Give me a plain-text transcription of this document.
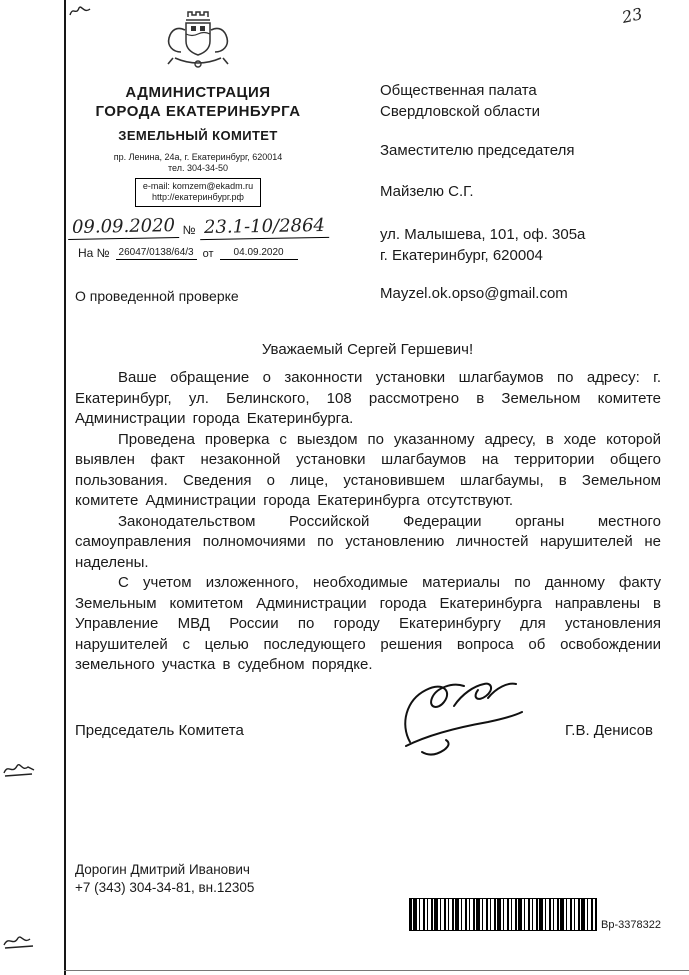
23
АДМИНИСТРАЦИЯ
ГОРОДА ЕКАТЕРИНБУРГА
ЗЕМЕЛЬНЫЙ КОМИТЕТ
пр. Ленина, 24а, г. Екатеринбург, 620014
тел. 304-34-50
e-mail: komzem@ekadm.ru
http://екатеринбург.рф
09.09.2020 № 23.1-10/2864
На № 26047/0138/64/3 от	04.09.2020
О проведенной проверке
Общественная палата
Свердловской области
Заместителю председателя
Майзелю С.Г.
ул. Малышева, 101, оф. 305а
г. Екатеринбург, 620004
Mayzel.ok.opso@gmail.com
Уважаемый Сергей Гершевич!

Ваше обращение о законности установки шлагбаумов по адресу: г. Екатеринбург, ул. Белинского, 108 рассмотрено в Земельном комитете Администрации города Екатеринбурга.

Проведена проверка с выездом по указанному адресу, в ходе которой выявлен факт незаконной установки шлагбаумов на территории общего пользования. Сведения о лице, установившем шлагбаумы, в Земельном комитете Администрации города Екатеринбурга отсутствуют.

Законодательством Российской Федерации органы местного самоуправления полномочиями по установлению личностей нарушителей не наделены.

С учетом изложенного, необходимые материалы по данному факту Земельным комитетом Администрации города Екатеринбурга направлены в Управление МВД России по городу Екатеринбургу для установления нарушителей с целью последующего решения вопроса об освобождении земельного участка в судебном порядке.

Председатель Комитета	Г.В. Денисов
Дорогин Дмитрий Иванович
+7 (343) 304-34-81, вн.12305
Вр-3378322
